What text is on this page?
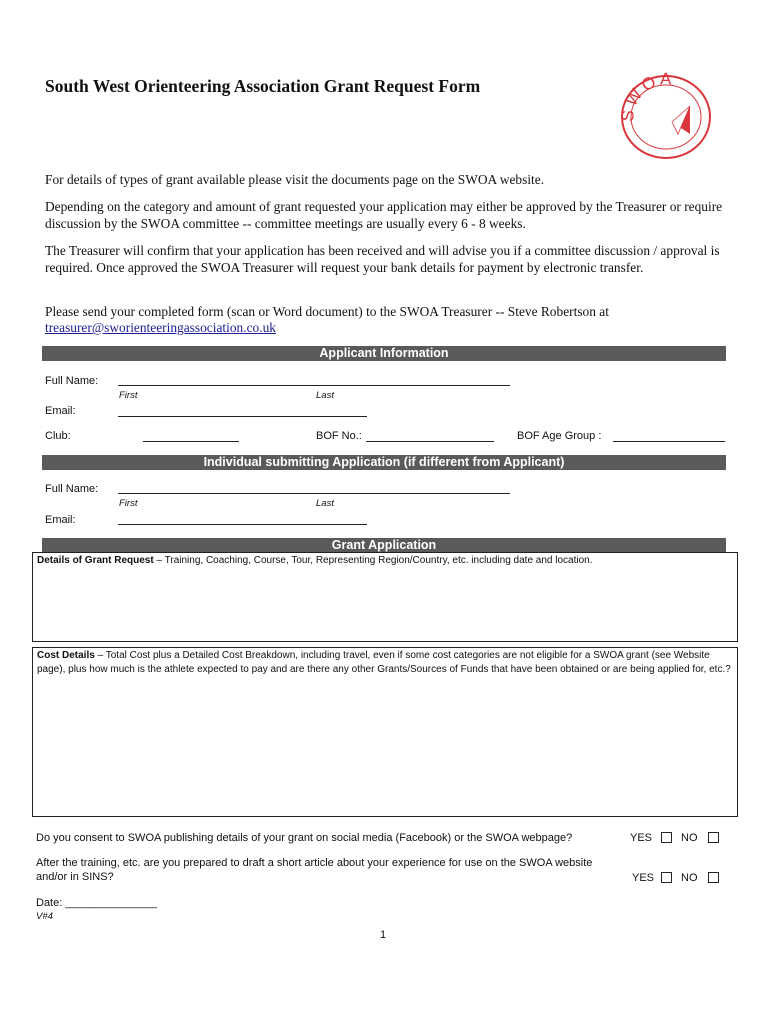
South West Orienteering Association Grant Request Form
SWOA

For details of types of grant available please visit the documents page on the SWOA website.

Depending on the category and amount of grant requested your application may either be approved by the Treasurer or require discussion by the SWOA committee -- committee meetings are usually every 6 - 8 weeks.

The Treasurer will confirm that your application has been received and will advise you if a committee discussion / approval is required. Once approved the SWOA Treasurer will request your bank details for payment by electronic transfer.

Please send your completed form (scan or Word document) to the SWOA Treasurer -- Steve Robertson at

treasurer@sworienteeringassociation.co.uk
Applicant Information
Full Name:
First	Last
Email:
Club:	BOF No.:	BOF Age Group :
Individual submitting Application (if different from Applicant)
Full Name:
First	Last
Email:
Grant Application
Details of Grant Request – Training, Coaching, Course, Tour, Representing Region/Country, etc. including date and location.
Cost Details – Total Cost plus a Detailed Cost Breakdown, including travel, even if some cost categories are not eligible for a SWOA grant (see Website page), plus how much is the athlete expected to pay and are there any other Grants/Sources of Funds that have been obtained or are being applied for, etc.?
Do you consent to SWOA publishing details of your grant on social media (Facebook) or the SWOA webpage?	YES	NO
After the training, etc. are you prepared to draft a short article about your experience for use on the SWOA website
and/or in SINS?	YES NO
Date: _______________
V#4
1
